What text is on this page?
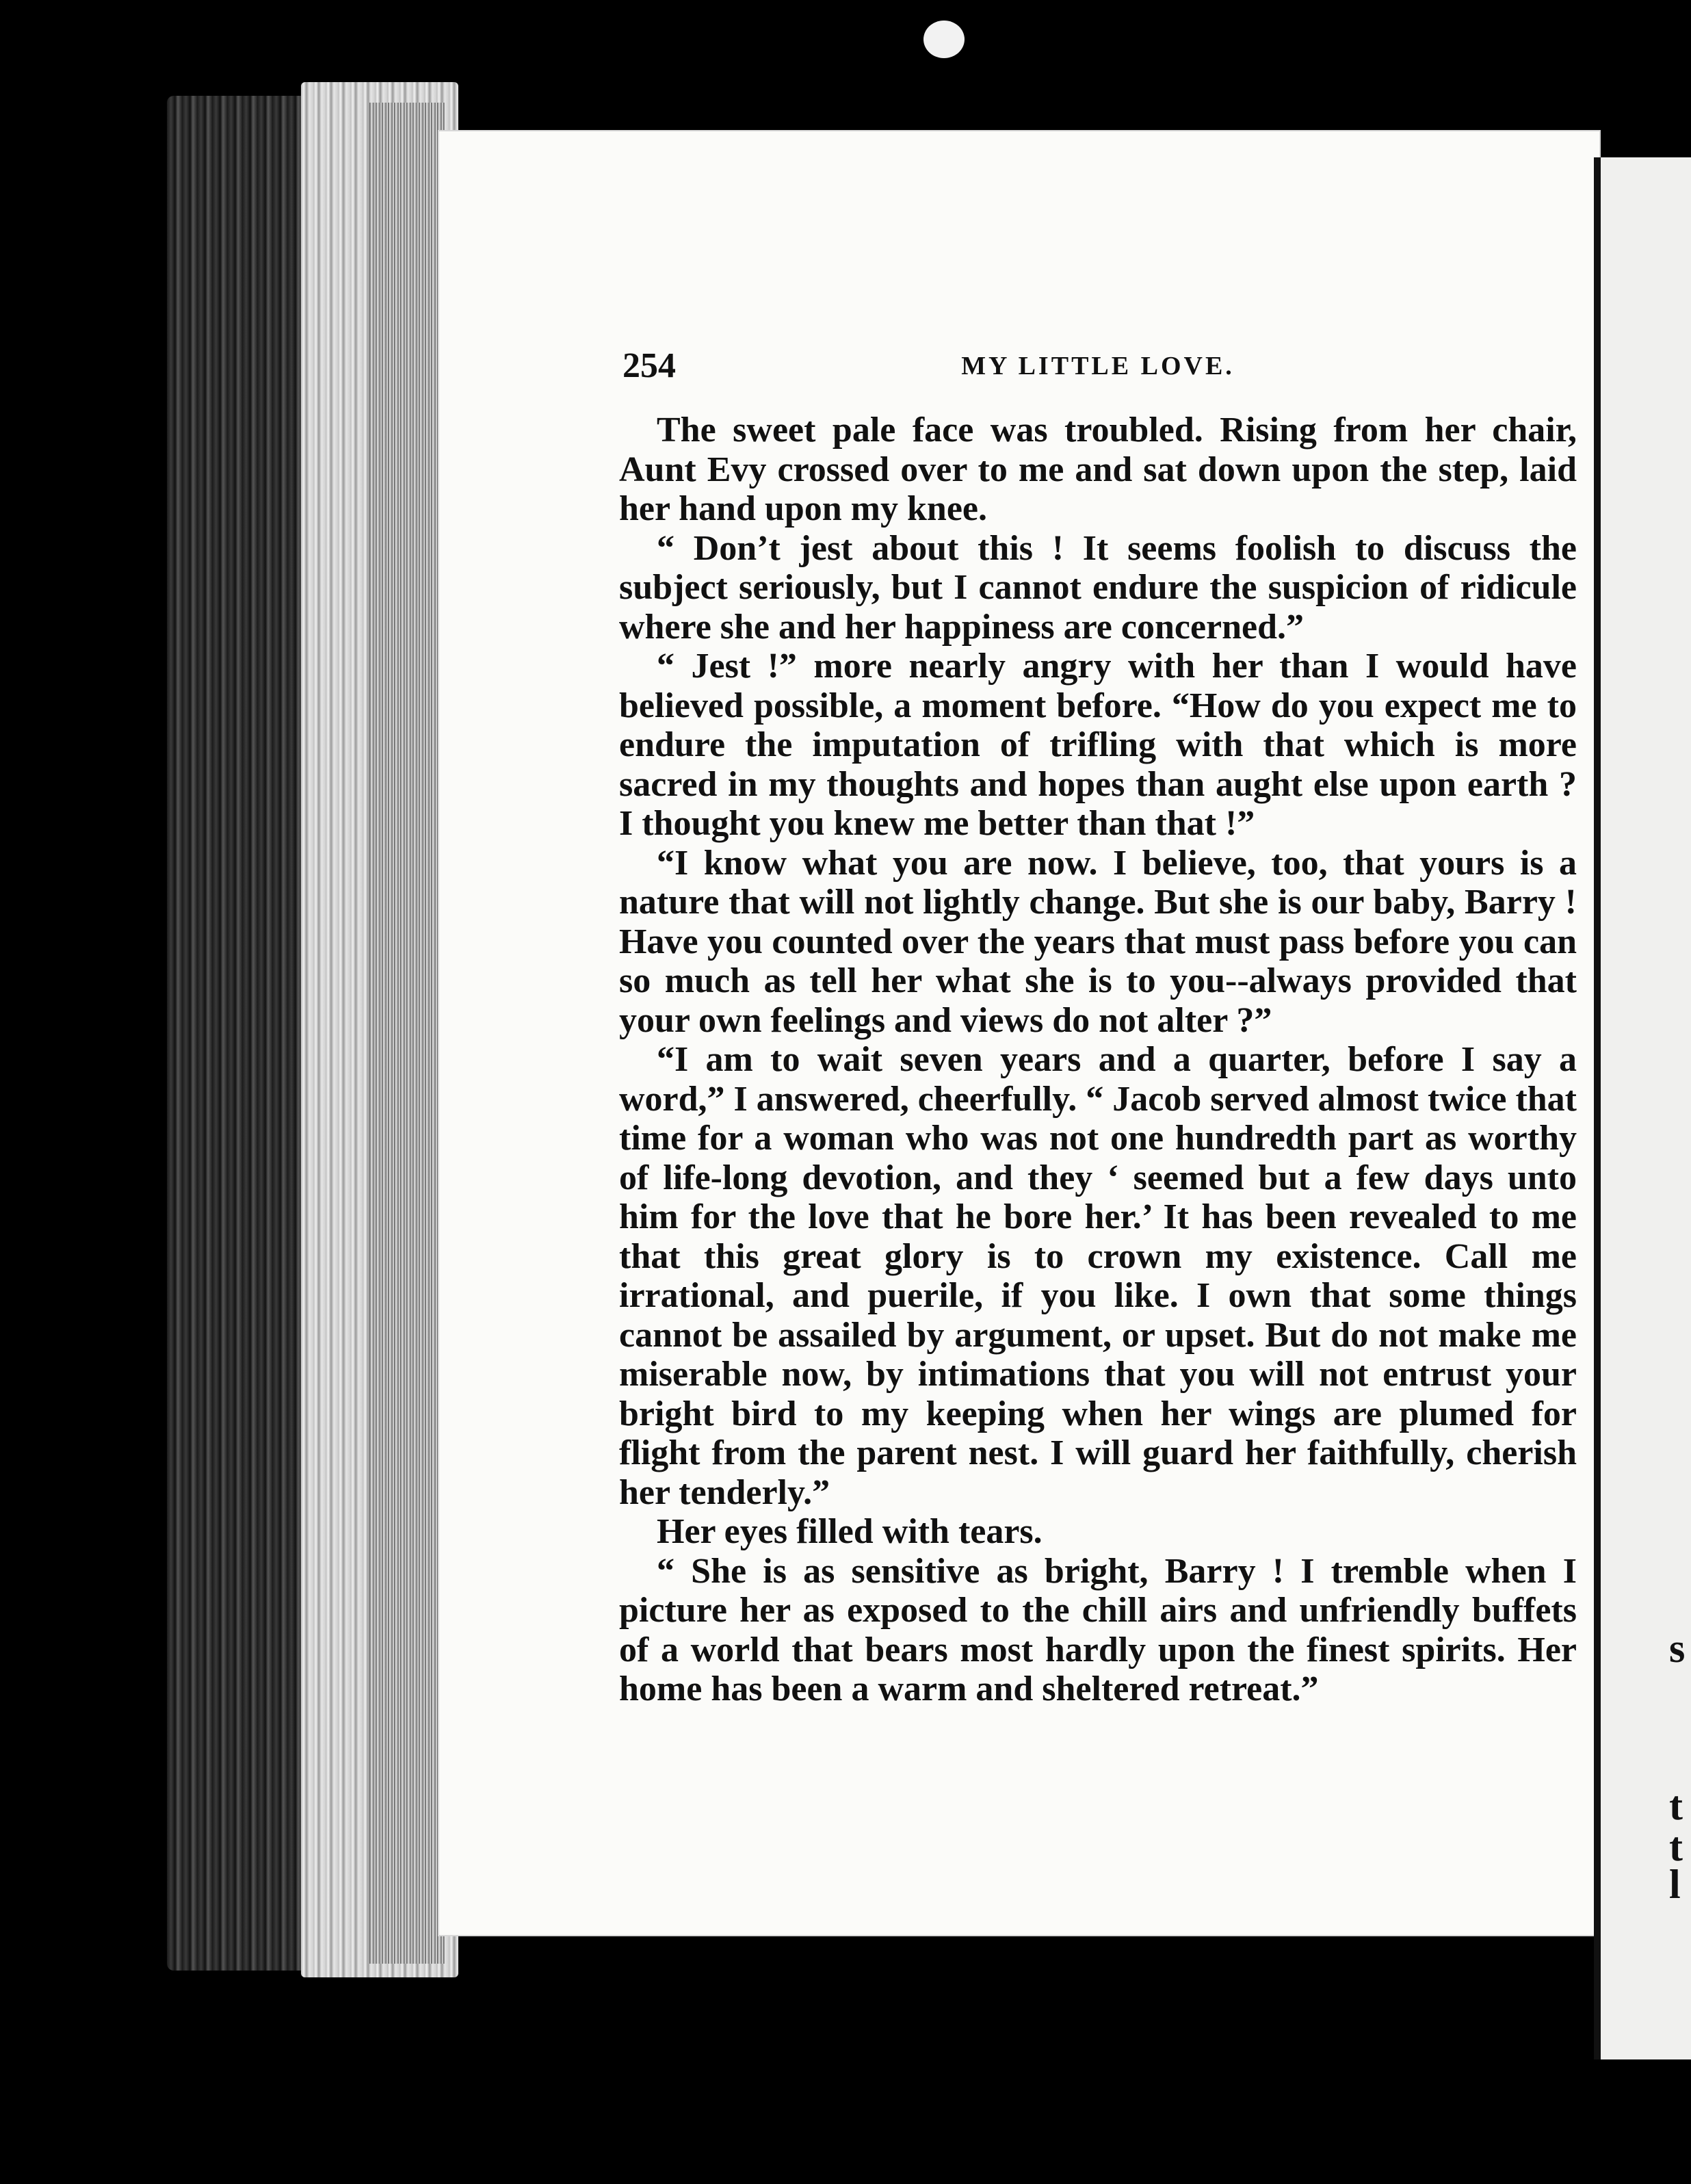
s
t
t
l
254	MY LITTLE LOVE.

The sweet pale face was troubled. Rising from her chair, Aunt Evy crossed over to me and sat down upon the step, laid her hand upon my knee.

“ Don’t jest about this ! It seems foolish to discuss the subject seriously, but I cannot endure the suspicion of ridicule where she and her happiness are concerned.”

“ Jest !” more nearly angry with her than I would have believed possible, a moment before. “How do you expect me to endure the imputation of trifling with that which is more sacred in my thoughts and hopes than aught else upon earth ? I thought you knew me better than that !”

“I know what you are now. I believe, too, that yours is a nature that will not lightly change. But she is our baby, Barry ! Have you counted over the years that must pass before you can so much as tell her what she is to you--always provided that your own feelings and views do not alter ?”

“I am to wait seven years and a quarter, before I say a word,” I answered, cheerfully. “ Jacob served almost twice that time for a woman who was not one hundredth part as worthy of life-long devotion, and they ‘ seemed but a few days unto him for the love that he bore her.’ It has been revealed to me that this great glory is to crown my existence. Call me irrational, and puerile, if you like. I own that some things cannot be assailed by argument, or upset. But do not make me miserable now, by intimations that you will not entrust your bright bird to my keeping when her wings are plumed for flight from the parent nest. I will guard her faithfully, cherish her tenderly.”

Her eyes filled with tears.

“ She is as sensitive as bright, Barry ! I tremble when I picture her as exposed to the chill airs and unfriendly buffets of a world that bears most hardly upon the finest spirits. Her home has been a warm and sheltered retreat.”
